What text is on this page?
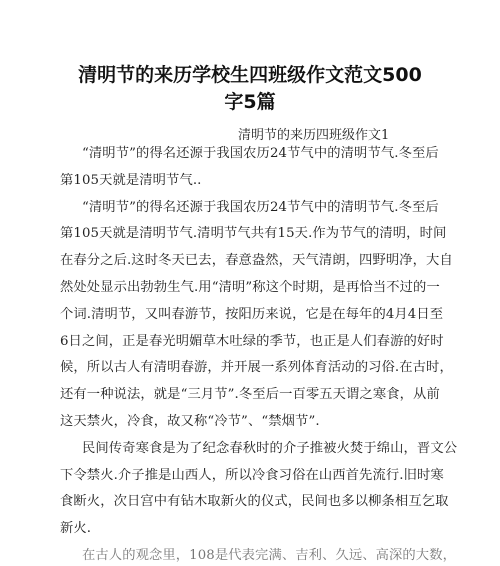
清明节的来历学校生四班级作文范文500
字5篇
清明节的来历四班级作文1
“清明节”的得名还源于我国农历24节气中的清明节气.冬至后
第105天就是清明节气..
“清明节”的得名还源于我国农历24节气中的清明节气.冬至后
第105天就是清明节气.清明节气共有15天.作为节气的清明，时间
在春分之后.这时冬天已去，春意盎然，天气清朗，四野明净，大自
然处处显示出勃勃生气.用“清明”称这个时期，是再恰当不过的一
个词.清明节，又叫春游节，按阳历来说，它是在每年的4月4日至
6日之间，正是春光明媚草木吐绿的季节，也正是人们春游的好时
候，所以古人有清明春游，并开展一系列体育活动的习俗.在古时，
还有一种说法，就是“三月节”.冬至后一百零五天谓之寒食，从前
这天禁火，冷食，故又称“冷节”、“禁烟节”.
民间传奇寒食是为了纪念春秋时的介子推被火焚于绵山，晋文公
下令禁火.介子推是山西人，所以冷食习俗在山西首先流行.旧时寒
食断火，次日宫中有钻木取新火的仪式，民间也多以柳条相互乞取
新火.
在古人的观念里，108是代表完满、吉利、久远、高深的大数，
